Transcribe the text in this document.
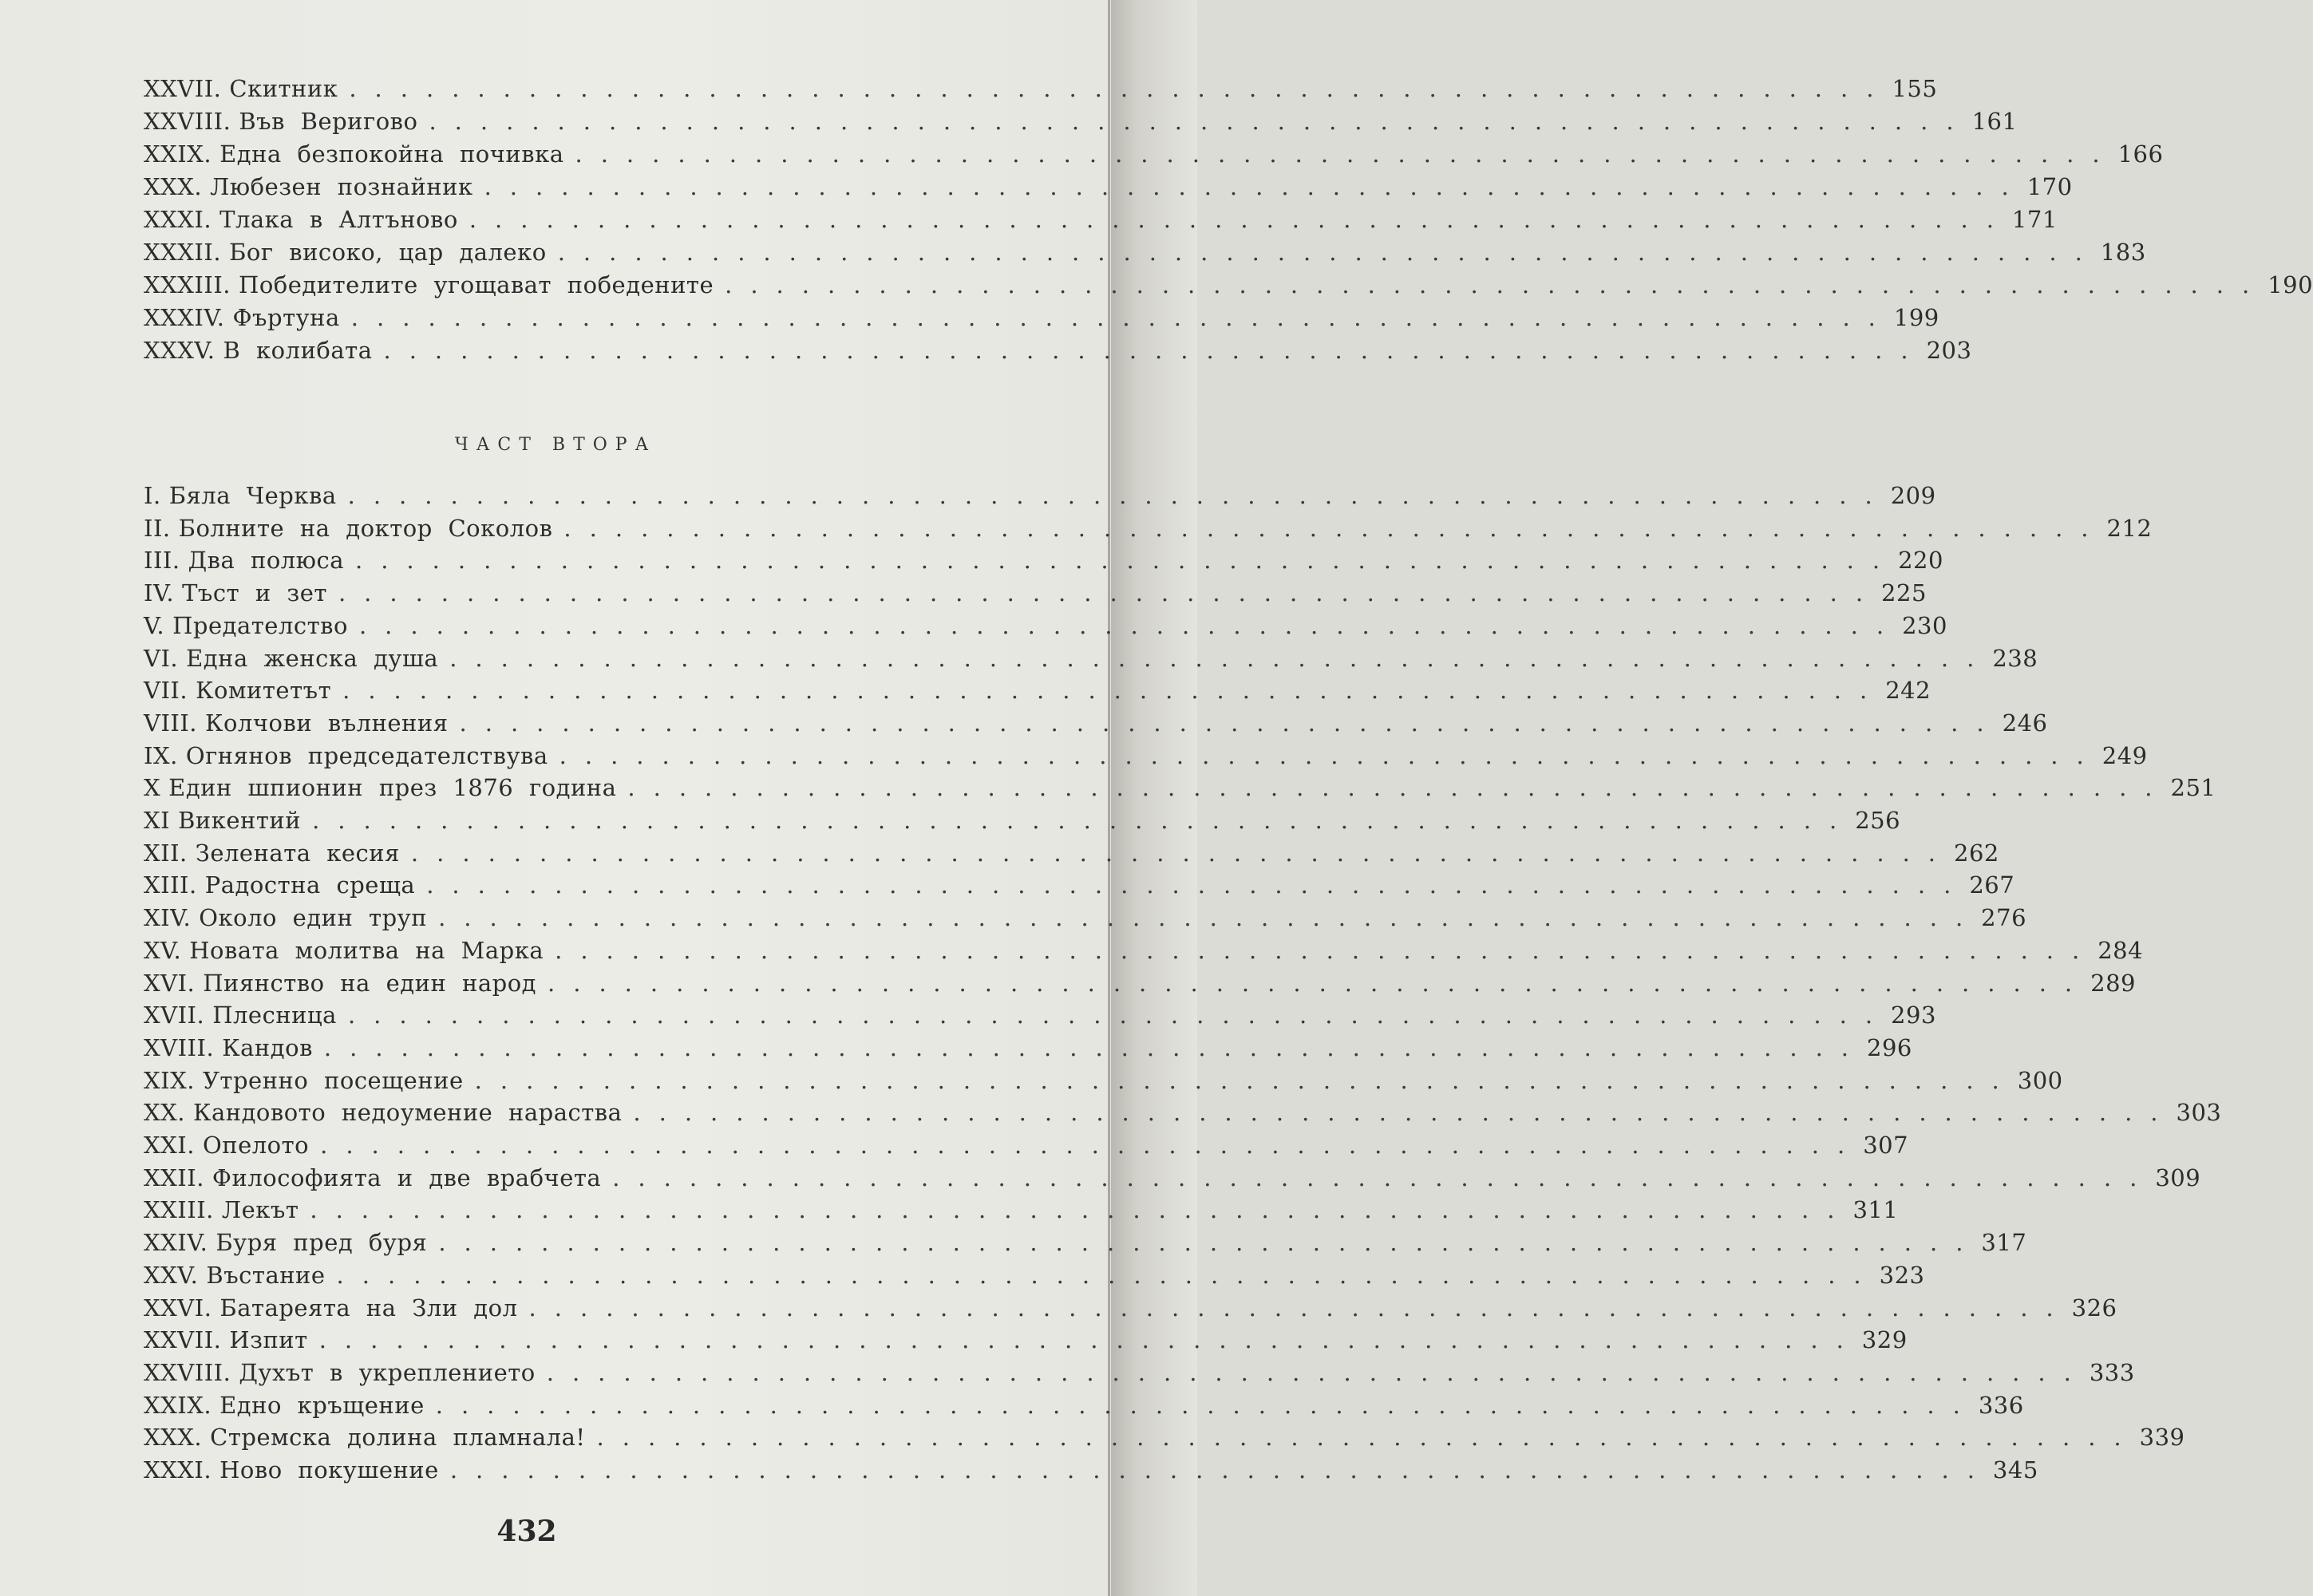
XXVII. Скитник ............................................................ 155
XXVIII. Във Веригово ............................................................ 161
XXIX. Една безпокойна почивка ............................................................ 166
XXX. Любезен познайник ............................................................ 170
XXXI. Тлака в Алтъново ............................................................ 171
XXXII. Бог високо, цар далеко ............................................................ 183
XXXIII. Победителите угощават победените ............................................................ 190
XXXIV. Фъртуна ............................................................ 199
XXXV. В колибата ............................................................ 203
ЧАСТ ВТОРА
I. Бяла Черква ............................................................ 209
II. Болните на доктор Соколов ............................................................ 212
III. Два полюса ............................................................ 220
IV. Тъст и зет ............................................................ 225
V. Предателство ............................................................ 230
VI. Една женска душа ............................................................ 238
VII. Комитетът ............................................................ 242
VIII. Колчови вълнения ............................................................ 246
IX. Огнянов председателствува ............................................................ 249
X Един шпионин през 1876 година ............................................................ 251
XI Викентий ............................................................ 256
XII. Зелената кесия ............................................................ 262
XIII. Радостна среща ............................................................ 267
XIV. Около един труп ............................................................ 276
XV. Новата молитва на Марка ............................................................ 284
XVI. Пиянство на един народ ............................................................ 289
XVII. Плесница ............................................................ 293
XVIII. Кандов ............................................................ 296
XIX. Утренно посещение ............................................................ 300
XX. Кандовото недоумение нараства ............................................................ 303
XXI. Опелото ............................................................ 307
XXII. Философията и две врабчета ............................................................ 309
XXIII. Лекът ............................................................ 311
XXIV. Буря пред буря ............................................................ 317
XXV. Въстание ............................................................ 323
XXVI. Батареята на Зли дол ............................................................ 326
XXVII. Изпит ............................................................ 329
XXVIII. Духът в укреплението ............................................................ 333
XXIX. Едно кръщение ............................................................ 336
XXX. Стремска долина пламнала! ............................................................ 339
XXXI. Ново покушение ............................................................ 345
432
